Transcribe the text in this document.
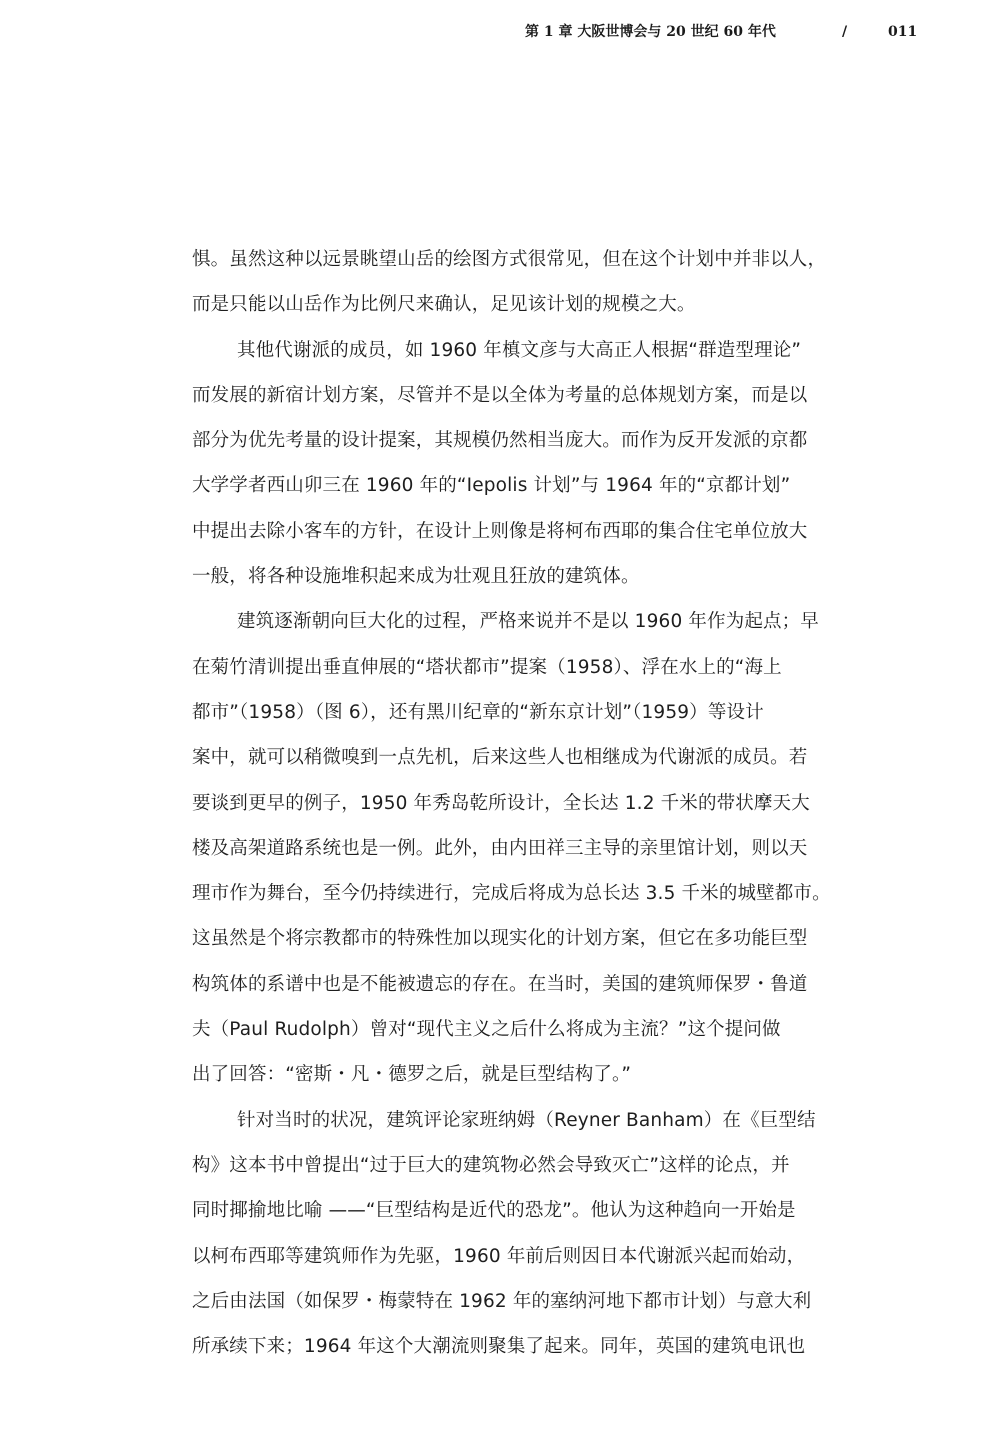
第 1 章 大阪世博会与 20 世纪 60 年代	/	011
惧。虽然这种以远景眺望山岳的绘图方式很常见，但在这个计划中并非以人，
而是只能以山岳作为比例尺来确认，足见该计划的规模之大。
其他代谢派的成员，如 1960 年槙文彦与大高正人根据“群造型理论”
而发展的新宿计划方案，尽管并不是以全体为考量的总体规划方案，而是以
部分为优先考量的设计提案，其规模仍然相当庞大。而作为反开发派的京都
大学学者西山卯三在 1960 年的“Iepolis 计划”与 1964 年的“京都计划”
中提出去除小客车的方针，在设计上则像是将柯布西耶的集合住宅单位放大
一般，将各种设施堆积起来成为壮观且狂放的建筑体。
建筑逐渐朝向巨大化的过程，严格来说并不是以 1960 年作为起点；早
在菊竹清训提出垂直伸展的“塔状都市”提案（1958）、浮在水上的“海上
都市”（1958）（图 6），还有黑川纪章的“新东京计划”（1959）等设计
案中，就可以稍微嗅到一点先机，后来这些人也相继成为代谢派的成员。若
要谈到更早的例子，1950 年秀岛乾所设计，全长达 1.2 千米的带状摩天大
楼及高架道路系统也是一例。此外，由内田祥三主导的亲里馆计划，则以天
理市作为舞台，至今仍持续进行，完成后将成为总长达 3.5 千米的城壁都市。
这虽然是个将宗教都市的特殊性加以现实化的计划方案，但它在多功能巨型
构筑体的系谱中也是不能被遗忘的存在。在当时，美国的建筑师保罗・鲁道
夫（Paul Rudolph）曾对“现代主义之后什么将成为主流？”这个提问做
出了回答：“密斯・凡・德罗之后，就是巨型结构了。”
针对当时的状况，建筑评论家班纳姆（Reyner Banham）在《巨型结
构》这本书中曾提出“过于巨大的建筑物必然会导致灭亡”这样的论点，并
同时揶揄地比喻 ——“巨型结构是近代的恐龙”。他认为这种趋向一开始是
以柯布西耶等建筑师作为先驱，1960 年前后则因日本代谢派兴起而始动，
之后由法国（如保罗・梅蒙特在 1962 年的塞纳河地下都市计划）与意大利
所承续下来；1964 年这个大潮流则聚集了起来。同年，英国的建筑电讯也
